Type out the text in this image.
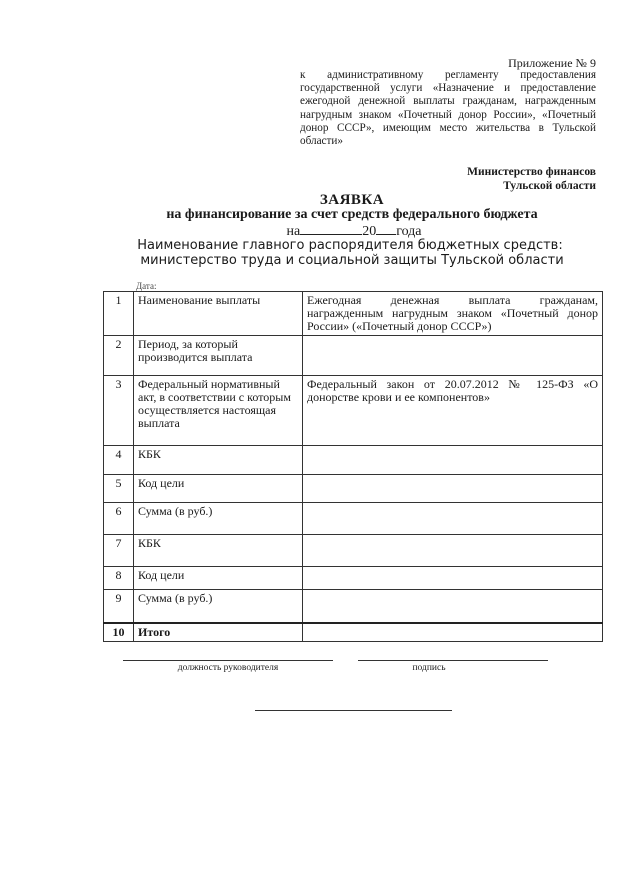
Приложение № 9
к административному регламенту предоставления государственной услуги «Назначение и предоставление ежегодной денежной выплаты гражданам, награжденным нагрудным знаком «Почетный донор России», «Почетный донор СССР», имеющим место жительства в Тульской области»
Министерство финансов
Тульской области
ЗАЯВКА
на финансирование за счет средств федерального бюджета
на	20 года
Наименование главного распорядителя бюджетных средств:
министерство труда и социальной защиты Тульской области
Дата:
1	Наименование выплаты	Ежегодная денежная выплата гражданам, награжденным нагрудным знаком «Почетный донор России» («Почетный донор СССР»)
2	Период, за который производится выплата	
3	Федеральный нормативный акт, в соответствии с которым осуществляется настоящая выплата	Федеральный закон от 20.07.2012 № 125-ФЗ «О донорстве крови и ее компонентов»
4	КБК	
5	Код цели	
6	Сумма (в руб.)	
7	КБК	
8	Код цели	
9	Сумма (в руб.)	
10	Итого	
должность руководителя	подпись
